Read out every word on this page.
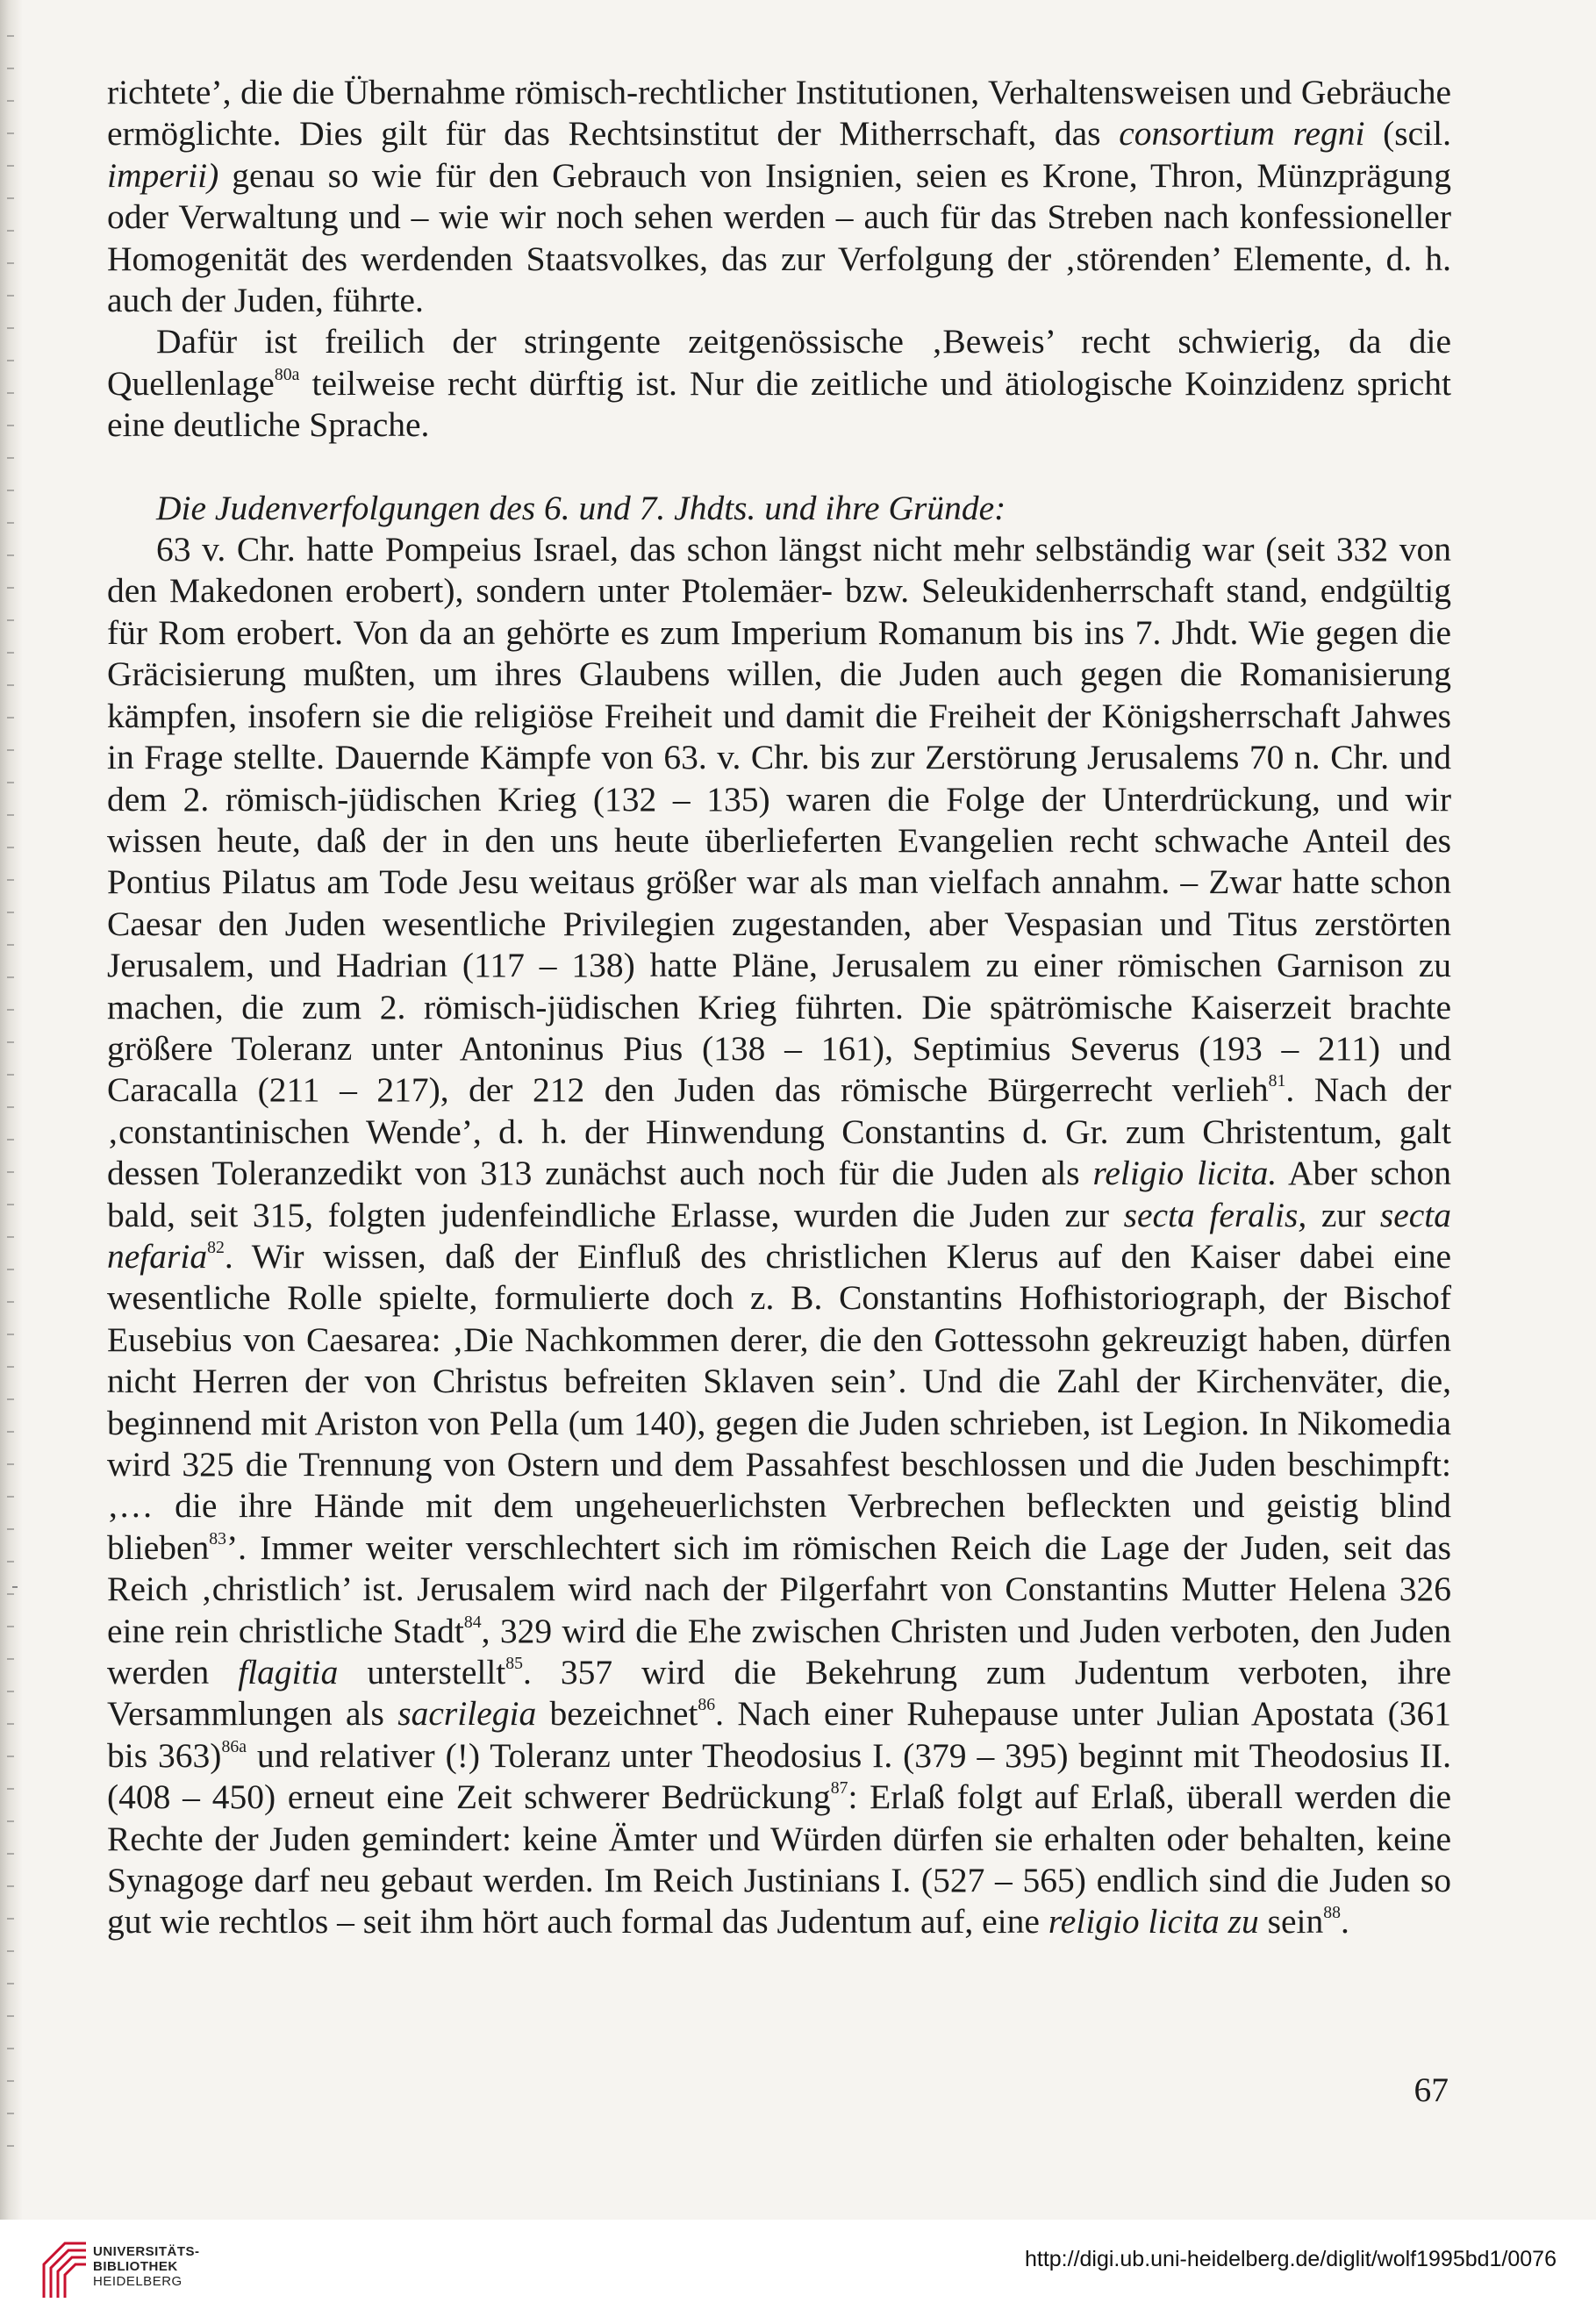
richtete’, die die Übernahme römisch-rechtlicher Institutionen, Verhaltensweisen und Gebräuche ermöglichte. Dies gilt für das Rechtsinstitut der Mitherrschaft, das consortium regni (scil. imperii) genau so wie für den Gebrauch von Insignien, seien es Krone, Thron, Münzprägung oder Verwaltung und – wie wir noch sehen werden – auch für das Streben nach konfessioneller Homogenität des werdenden Staatsvolkes, das zur Verfolgung der ‚störenden’ Elemente, d. h. auch der Juden, führte.

Dafür ist freilich der stringente zeitgenössische ‚Beweis’ recht schwierig, da die Quellenlage$^{80a}$ teilweise recht dürftig ist. Nur die zeitliche und ätiologische Koinzidenz spricht eine deutliche Sprache.

Die Judenverfolgungen des 6. und 7. Jhdts. und ihre Gründe:

63 v. Chr. hatte Pompeius Israel, das schon längst nicht mehr selbständig war (seit 332 von den Makedonen erobert), sondern unter Ptolemäer- bzw. Seleukidenherrschaft stand, endgültig für Rom erobert. Von da an gehörte es zum Imperium Romanum bis ins 7. Jhdt. Wie gegen die Gräcisierung mußten, um ihres Glaubens willen, die Juden auch gegen die Romanisierung kämpfen, insofern sie die religiöse Freiheit und damit die Freiheit der Königsherrschaft Jahwes in Frage stellte. Dauernde Kämpfe von 63. v. Chr. bis zur Zerstörung Jerusalems 70 n. Chr. und dem 2. römisch-jüdischen Krieg (132 – 135) waren die Folge der Unterdrückung, und wir wissen heute, daß der in den uns heute überlieferten Evangelien recht schwache Anteil des Pontius Pilatus am Tode Jesu weitaus größer war als man vielfach annahm. – Zwar hatte schon Caesar den Juden wesentliche Privilegien zugestanden, aber Vespasian und Titus zerstörten Jerusalem, und Hadrian (117 – 138) hatte Pläne, Jerusalem zu einer römischen Garnison zu machen, die zum 2. römisch-jüdischen Krieg führten. Die spätrömische Kaiserzeit brachte größere Toleranz unter Antoninus Pius (138 – 161), Septimius Severus (193 – 211) und Caracalla (211 – 217), der 212 den Juden das römische Bürgerrecht verlieh$^{81}$. Nach der ‚constantinischen Wende’, d. h. der Hinwendung Constantins d. Gr. zum Christentum, galt dessen Toleranzedikt von 313 zunächst auch noch für die Juden als religio licita. Aber schon bald, seit 315, folgten judenfeindliche Erlasse, wurden die Juden zur secta feralis, zur secta nefaria$^{82}$. Wir wissen, daß der Einfluß des christlichen Klerus auf den Kaiser dabei eine wesentliche Rolle spielte, formulierte doch z. B. Constantins Hofhistoriograph, der Bischof Eusebius von Caesarea: ‚Die Nachkommen derer, die den Gottessohn gekreuzigt haben, dürfen nicht Herren der von Christus befreiten Sklaven sein’. Und die Zahl der Kirchenväter, die, beginnend mit Ariston von Pella (um 140), gegen die Juden schrieben, ist Legion. In Nikomedia wird 325 die Trennung von Ostern und dem Passahfest beschlossen und die Juden beschimpft: ‚… die ihre Hände mit dem ungeheuerlichsten Verbrechen befleckten und geistig blind blieben$^{83}$’. Immer weiter verschlechtert sich im römischen Reich die Lage der Juden, seit das Reich ‚christlich’ ist. Jerusalem wird nach der Pilgerfahrt von Constantins Mutter Helena 326 eine rein christliche Stadt$^{84}$, 329 wird die Ehe zwischen Christen und Juden verboten, den Juden werden flagitia unterstellt$^{85}$. 357 wird die Bekehrung zum Judentum verboten, ihre Versammlungen als sacrilegia bezeichnet$^{86}$. Nach einer Ruhepause unter Julian Apostata (361 bis 363)$^{86a}$ und relativer (!) Toleranz unter Theodosius I. (379 – 395) beginnt mit Theodosius II. (408 – 450) erneut eine Zeit schwerer Bedrückung$^{87}$: Erlaß folgt auf Erlaß, überall werden die Rechte der Juden gemindert: keine Ämter und Würden dürfen sie erhalten oder behalten, keine Synagoge darf neu gebaut werden. Im Reich Justinians I. (527 – 565) endlich sind die Juden so gut wie rechtlos – seit ihm hört auch formal das Judentum auf, eine religio licita zu sein$^{88}$.

67
UNIVERSITÄTS-
BIBLIOTHEK
HEIDELBERG
http://digi.ub.uni-heidelberg.de/diglit/wolf1995bd1/0076
